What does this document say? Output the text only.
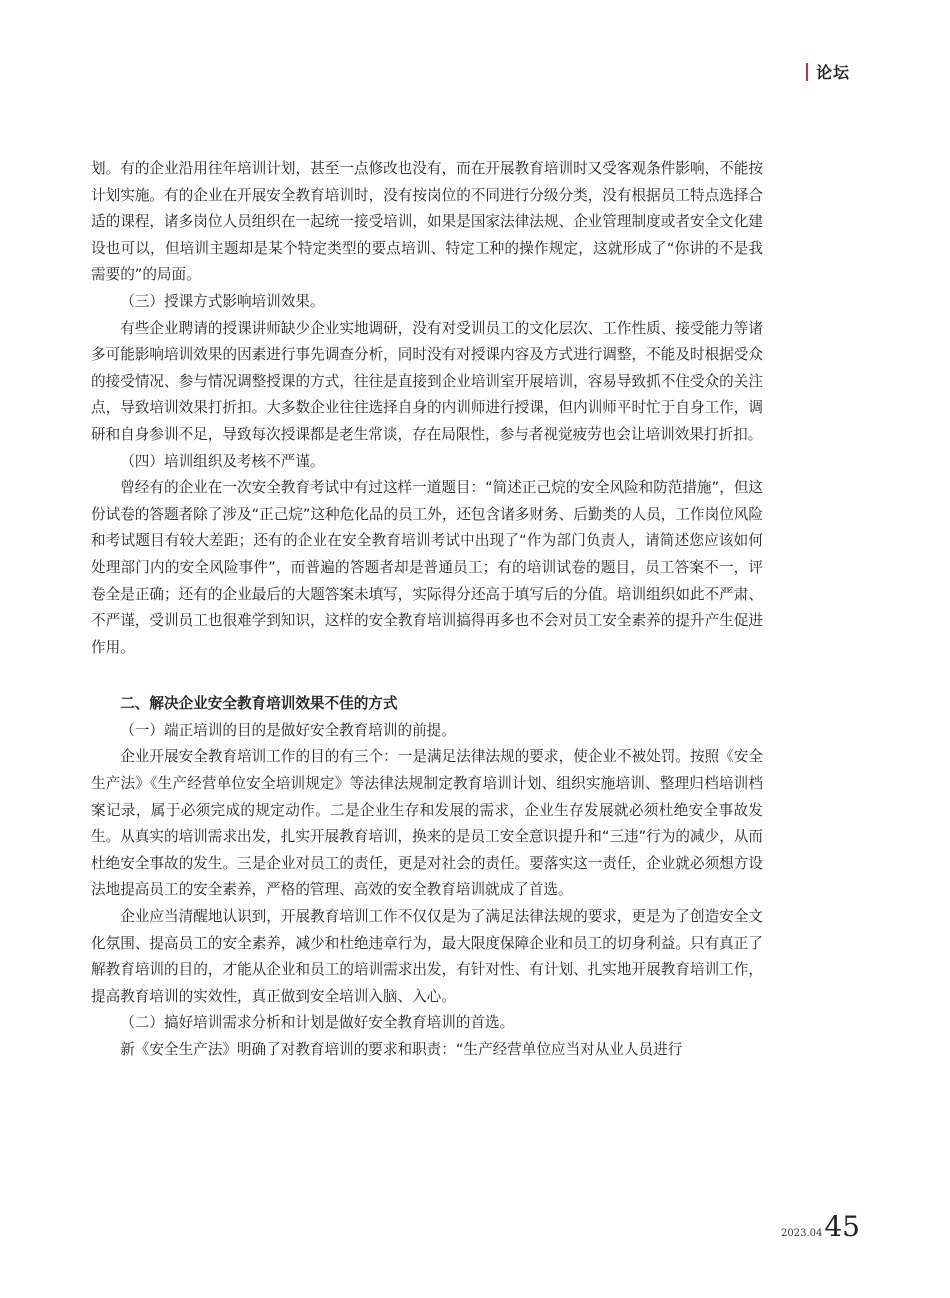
论坛

划。有的企业沿用往年培训计划，甚至一点修改也没有，而在开展教育培训时又受客观条件影响，不能按计划实施。有的企业在开展安全教育培训时，没有按岗位的不同进行分级分类，没有根据员工特点选择合适的课程，诸多岗位人员组织在一起统一接受培训，如果是国家法律法规、企业管理制度或者安全文化建设也可以，但培训主题却是某个特定类型的要点培训、特定工种的操作规定，这就形成了“你讲的不是我需要的”的局面。

（三）授课方式影响培训效果。

有些企业聘请的授课讲师缺少企业实地调研，没有对受训员工的文化层次、工作性质、接受能力等诸多可能影响培训效果的因素进行事先调查分析，同时没有对授课内容及方式进行调整，不能及时根据受众的接受情况、参与情况调整授课的方式，往往是直接到企业培训室开展培训，容易导致抓不住受众的关注点，导致培训效果打折扣。大多数企业往往选择自身的内训师进行授课，但内训师平时忙于自身工作，调研和自身参训不足，导致每次授课都是老生常谈，存在局限性，参与者视觉疲劳也会让培训效果打折扣。

（四）培训组织及考核不严谨。

曾经有的企业在一次安全教育考试中有过这样一道题目：“简述正己烷的安全风险和防范措施”，但这份试卷的答题者除了涉及“正己烷”这种危化品的员工外，还包含诸多财务、后勤类的人员，工作岗位风险和考试题目有较大差距；还有的企业在安全教育培训考试中出现了“作为部门负责人，请简述您应该如何处理部门内的安全风险事件”，而普遍的答题者却是普通员工；有的培训试卷的题目，员工答案不一，评卷全是正确；还有的企业最后的大题答案未填写，实际得分还高于填写后的分值。培训组织如此不严肃、不严谨，受训员工也很难学到知识，这样的安全教育培训搞得再多也不会对员工安全素养的提升产生促进作用。

二、解决企业安全教育培训效果不佳的方式

（一）端正培训的目的是做好安全教育培训的前提。

企业开展安全教育培训工作的目的有三个：一是满足法律法规的要求，使企业不被处罚。按照《安全生产法》《生产经营单位安全培训规定》等法律法规制定教育培训计划、组织实施培训、整理归档培训档案记录，属于必须完成的规定动作。二是企业生存和发展的需求，企业生存发展就必须杜绝安全事故发生。从真实的培训需求出发，扎实开展教育培训，换来的是员工安全意识提升和“三违”行为的减少，从而杜绝安全事故的发生。三是企业对员工的责任，更是对社会的责任。要落实这一责任，企业就必须想方设法地提高员工的安全素养，严格的管理、高效的安全教育培训就成了首选。

企业应当清醒地认识到，开展教育培训工作不仅仅是为了满足法律法规的要求，更是为了创造安全文化氛围、提高员工的安全素养，减少和杜绝违章行为，最大限度保障企业和员工的切身利益。只有真正了解教育培训的目的，才能从企业和员工的培训需求出发，有针对性、有计划、扎实地开展教育培训工作，提高教育培训的实效性，真正做到安全培训入脑、入心。

（二）搞好培训需求分析和计划是做好安全教育培训的首选。

新《安全生产法》明确了对教育培训的要求和职责：“生产经营单位应当对从业人员进行

2023.04 45
